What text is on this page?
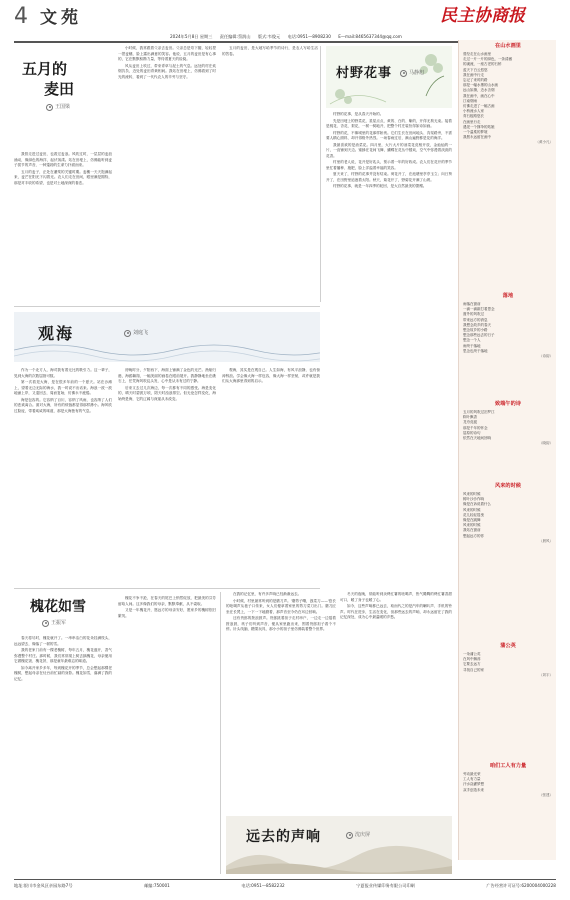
4 文苑	民主协商报
2024年5月8日 星期三 责任编辑:蔡润山 版式:韦俊元 电话:0951—8908230 E—mail:8465637344@qq.com
五月的
麦田
王国梁

我曾走进过麦田，也看过麦浪。风吹过时，一层层的麦浪涌动，像绿色的海洋，起伏荡漾。站在田埂上，仿佛能听到麦子拔节的声音，一种蓬勃的生命力扑面而来。

五月的麦子，正处在灌浆的关键时期。麦穗一天天饱满起来，麦芒在阳光下闪着光。农人们走在田间，眼里满是期待，那是对丰收的希望，也是对土地深深的眷恋。

小时候，我常跟着父亲去麦田。父亲总是弯下腰，轻轻捏一捏麦穗，脸上露出满意的笑容。他说，五月的麦田是有心事的，它在默默积攒力量，等待着夏天的检阅。

风从麦田上吹过，带来青草与泥土的气息。远处的村庄炊烟袅袅，近处的麦田青黄相间。我站在田埂上，仿佛看到了时光的流转，看到了一代代农人的辛劳与坚守。

五月的麦田，是大地写给季节的诗行，是农人写给生活的答卷。

村野花事	马静旭

村野的花事，是从春天开始的。

先是田埂上的野菜花，星星点点，黄的、白的、紫的，开得无拘无束。接着是桃花、杏花、梨花，一树一树地开，把整个村庄装扮得如诗如画。

村野的花，不像城里的花那样娇贵。它们生长在田间地头、沟渠路旁，不需要人精心照料，却开得格外热烈。一场春雨过后，满山遍野都是花的海洋。

我最喜欢的是油菜花。四月里，大片大片的油菜花竞相开放，金灿灿的一片，一直铺到天边。蜜蜂在花间飞舞，蝴蝶在花丛中嬉戏，空气中弥漫着淡淡的花香。

村里的老人说，花开是好兆头，预示着一年的好收成。农人们在花开的季节里忙着播种、施肥，脸上洋溢着幸福的笑容。

夏天来了，村野的花事并没有结束。荷花开了，在池塘里亭亭玉立；向日葵开了，在田野里追逐着太阳。秋天，菊花开了，野菊花开满了山坡。

村野的花事，就是一年四季的轮回，是大自然最美的馈赠。

观海	刘庭飞

作为一个北方人，海对我有着无比的吸引力。这一辈子，见到大海的次数屈指可数。

第一次看见大海，是在很多年前的一个夏天。站在沙滩上，望着无边无际的海水，我一时说不出话来。海浪一波一波地涌上岸，又退回去，周而复始，仿佛永不疲倦。

海是包容的。它容纳了百川，容纳了风雨，也容纳了人们的悲欢离合。面对大海，所有的烦恼都显得那样渺小。海风吹过脸庞，带着咸咸的味道，那是大海独有的气息。

傍晚时分，夕阳西下，海面上铺满了金色的光芒。渔船归港，海鸥翱翔，一幅美丽的画卷在眼前展开。我静静地坐在礁石上，任凭海风吹乱头发，心中是从未有过的宁静。

后来又去过几次海边，每一次都有不同的感受。海是变化的，晴天时碧波万顷，阴天时浊浪排空。但无论怎样变化，海始终是海，它的辽阔与深邃从未改变。

观海，其实是在观自己。人生如海，有风平浪静，也有惊涛骇浪。学会像大海一样包容，像大海一样坚韧，或许就是我们从大海那里得到的启示。

槐花如雪
王振军

春天将尽时，槐花就开了。一串串洁白的花朵挂满枝头，远远望去，像落了一树的雪。

我的老家门前有一棵老槐树，每年五月，槐花盛开，香气弥漫整个村庄。那时候，我们常常爬上树去摘槐花，母亲便用它做槐花饭、槐花饼，那是童年最难忘的味道。

如今离开家乡多年，每到槐花开的季节，总会想起那棵老槐树，想起母亲在灶台前忙碌的身影。槐花如雪，落满了我的记忆。

槐花不争不抢，在春天的尾巴上悄然绽放，把最美的芬芳留给人间。这多像我们的母亲，默默奉献，从不索取。

又是一年槐花开，愿远方的母亲安好，愿家乡的槐树依旧繁茂。

在我的记忆里，有许多声响已经渐渐远去。

小时候，村里最常听到的是磨刀声。'磨剪子嘞，戗菜刀——'悠长的吆喝声从巷子口传来，女人们便拿着家里的剪刀菜刀出门。磨刀匠坐在长凳上，一下一下地磨着，那声音至今仍在耳边回响。

还有货郎的拨浪鼓声。货郎挑着担子走村串户，一边走一边摇着拨浪鼓，孩子们听到声音，便从家里跑出来，围着货郎担子看个不停。针头线脑、糖果玩具，那小小的担子里仿佛装着整个世界。

冬天的夜晚，常能听到卖烤红薯的吆喝声，热气腾腾的烤红薯香甜可口，暖了身子也暖了心。

如今，这些声响都已远去，取而代之的是汽车的喇叭声、手机的铃声。时代在进步，生活在变化，但那些远去的声响，却永远留在了我的记忆深处，成为心中最温暖的乡愁。

远去的声响	沈庆屏
在山水画里
曾经走在山水画里
走过一片一片的绿色，一条清澈
的溪流，一座古老的石桥
蓝天下白云悠悠
我在画中行走
忘记了来时的路
那是一幅水墨的山水画
远山如黛，近水含烟
我在画中，画在心中
江南烟雨
仿佛走进了一幅古画
小桥流水人家
青石板路悠长
在画里行走
遇见一个撑伞的姑娘
一个温柔的梦境
我愿永远留在画中
（黄小凡）
落地
雨落在窗前
一滴一滴敲打着思念
窗外的风吹过
带来远方的消息
我想念故乡的春天
想念故乡的小路
想念那些远去的日子
想念一个人
雨终于落地
思念也终于落地
（诗韵）
致端午的诗
五月的风吹过汨罗江
粽叶飘香
龙舟竞渡
那是千年的怀念
屈原的诗句
依然在天地间回响
（晓韵）
风来的时候
风来的时候
树叶沙沙作响
像是在诉说着什么
风来的时候
花儿轻轻摇曳
像是在跳舞
风来的时候
我站在窗前
想起远方的你
（晨风）
蒲公英
一朵蒲公英
在风中飘荡
它要去远方
寻找自己的家
（刘宇）
咱们工人有力量
劳动最光荣
工人有力量
汗水浇灌梦想
双手创造未来
（张建）
地址:银川市金凤区亲园东路7号	邮编:750001	电话:0951—8582232	宁夏报业传媒印务有限公司印刷	广告经营许可证号:6200004000228
